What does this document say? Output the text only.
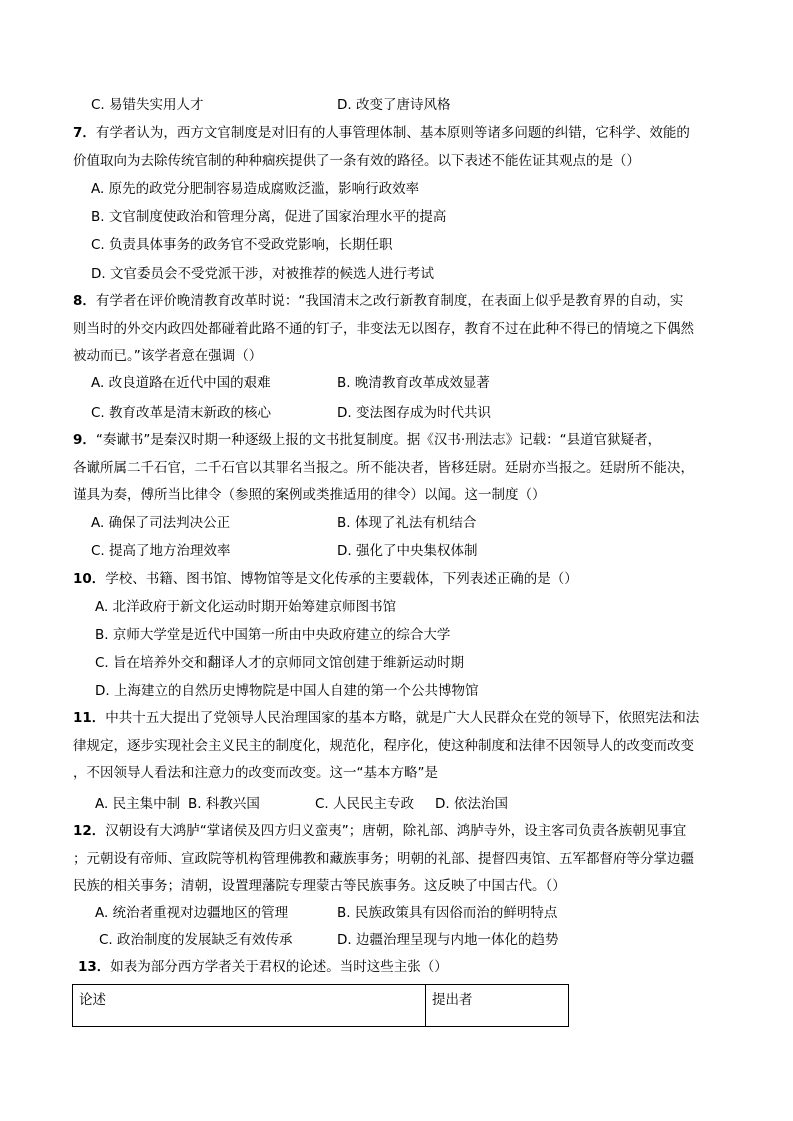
C. 易错失实用人才	D. 改变了唐诗风格
7．有学者认为，西方文官制度是对旧有的人事管理体制、基本原则等诸多问题的纠错，它科学、效能的
价值取向为去除传统官制的种种痼疾提供了一条有效的路径。以下表述不能佐证其观点的是（）
A. 原先的政党分肥制容易造成腐败泛滥，影响行政效率
B. 文官制度使政治和管理分离，促进了国家治理水平的提高
C. 负责具体事务的政务官不受政党影响，长期任职
D. 文官委员会不受党派干涉，对被推荐的候选人进行考试
8．有学者在评价晚清教育改革时说：“我国清末之改行新教育制度，在表面上似乎是教育界的自动，实
则当时的外交内政四处都碰着此路不通的钉子，非变法无以图存，教育不过在此种不得已的情境之下偶然
被动而已。”该学者意在强调（）
A. 改良道路在近代中国的艰难	B. 晚清教育改革成效显著
C. 教育改革是清末新政的核心	D. 变法图存成为时代共识
9．“奏谳书”是秦汉时期一种逐级上报的文书批复制度。据《汉书·刑法志》记载：“县道官狱疑者，
各谳所属二千石官，二千石官以其罪名当报之。所不能决者，皆移廷尉。廷尉亦当报之。廷尉所不能决，
谨具为奏，傅所当比律令（参照的案例或类推适用的律令）以闻。这一制度（）
A. 确保了司法判决公正	B. 体现了礼法有机结合
C. 提高了地方治理效率	D. 强化了中央集权体制
10．学校、书籍、图书馆、博物馆等是文化传承的主要载体，下列表述正确的是（）
A. 北洋政府于新文化运动时期开始筹建京师图书馆
B. 京师大学堂是近代中国第一所由中央政府建立的综合大学
C. 旨在培养外交和翻译人才的京师同文馆创建于维新运动时期
D. 上海建立的自然历史博物院是中国人自建的第一个公共博物馆
11．中共十五大提出了党领导人民治理国家的基本方略，就是广大人民群众在党的领导下，依照宪法和法
律规定，逐步实现社会主义民主的制度化，规范化，程序化，使这种制度和法律不因领导人的改变而改变
，不因领导人看法和注意力的改变而改变。这一“基本方略”是
A. 民主集中制 B. 科教兴国	C. 人民民主专政 D. 依法治国
12．汉朝设有大鸿胪“掌诸侯及四方归义蛮夷”；唐朝，除礼部、鸿胪寺外，设主客司负责各族朝见事宜
；元朝设有帝师、宣政院等机构管理佛教和藏族事务；明朝的礼部、提督四夷馆、五军都督府等分掌边疆
民族的相关事务；清朝，设置理藩院专理蒙古等民族事务。这反映了中国古代。（）
A. 统治者重视对边疆地区的管理	B. 民族政策具有因俗而治的鲜明特点
C. 政治制度的发展缺乏有效传承	D. 边疆治理呈现与内地一体化的趋势
13．如表为部分西方学者关于君权的论述。当时这些主张（）
论述	提出者
